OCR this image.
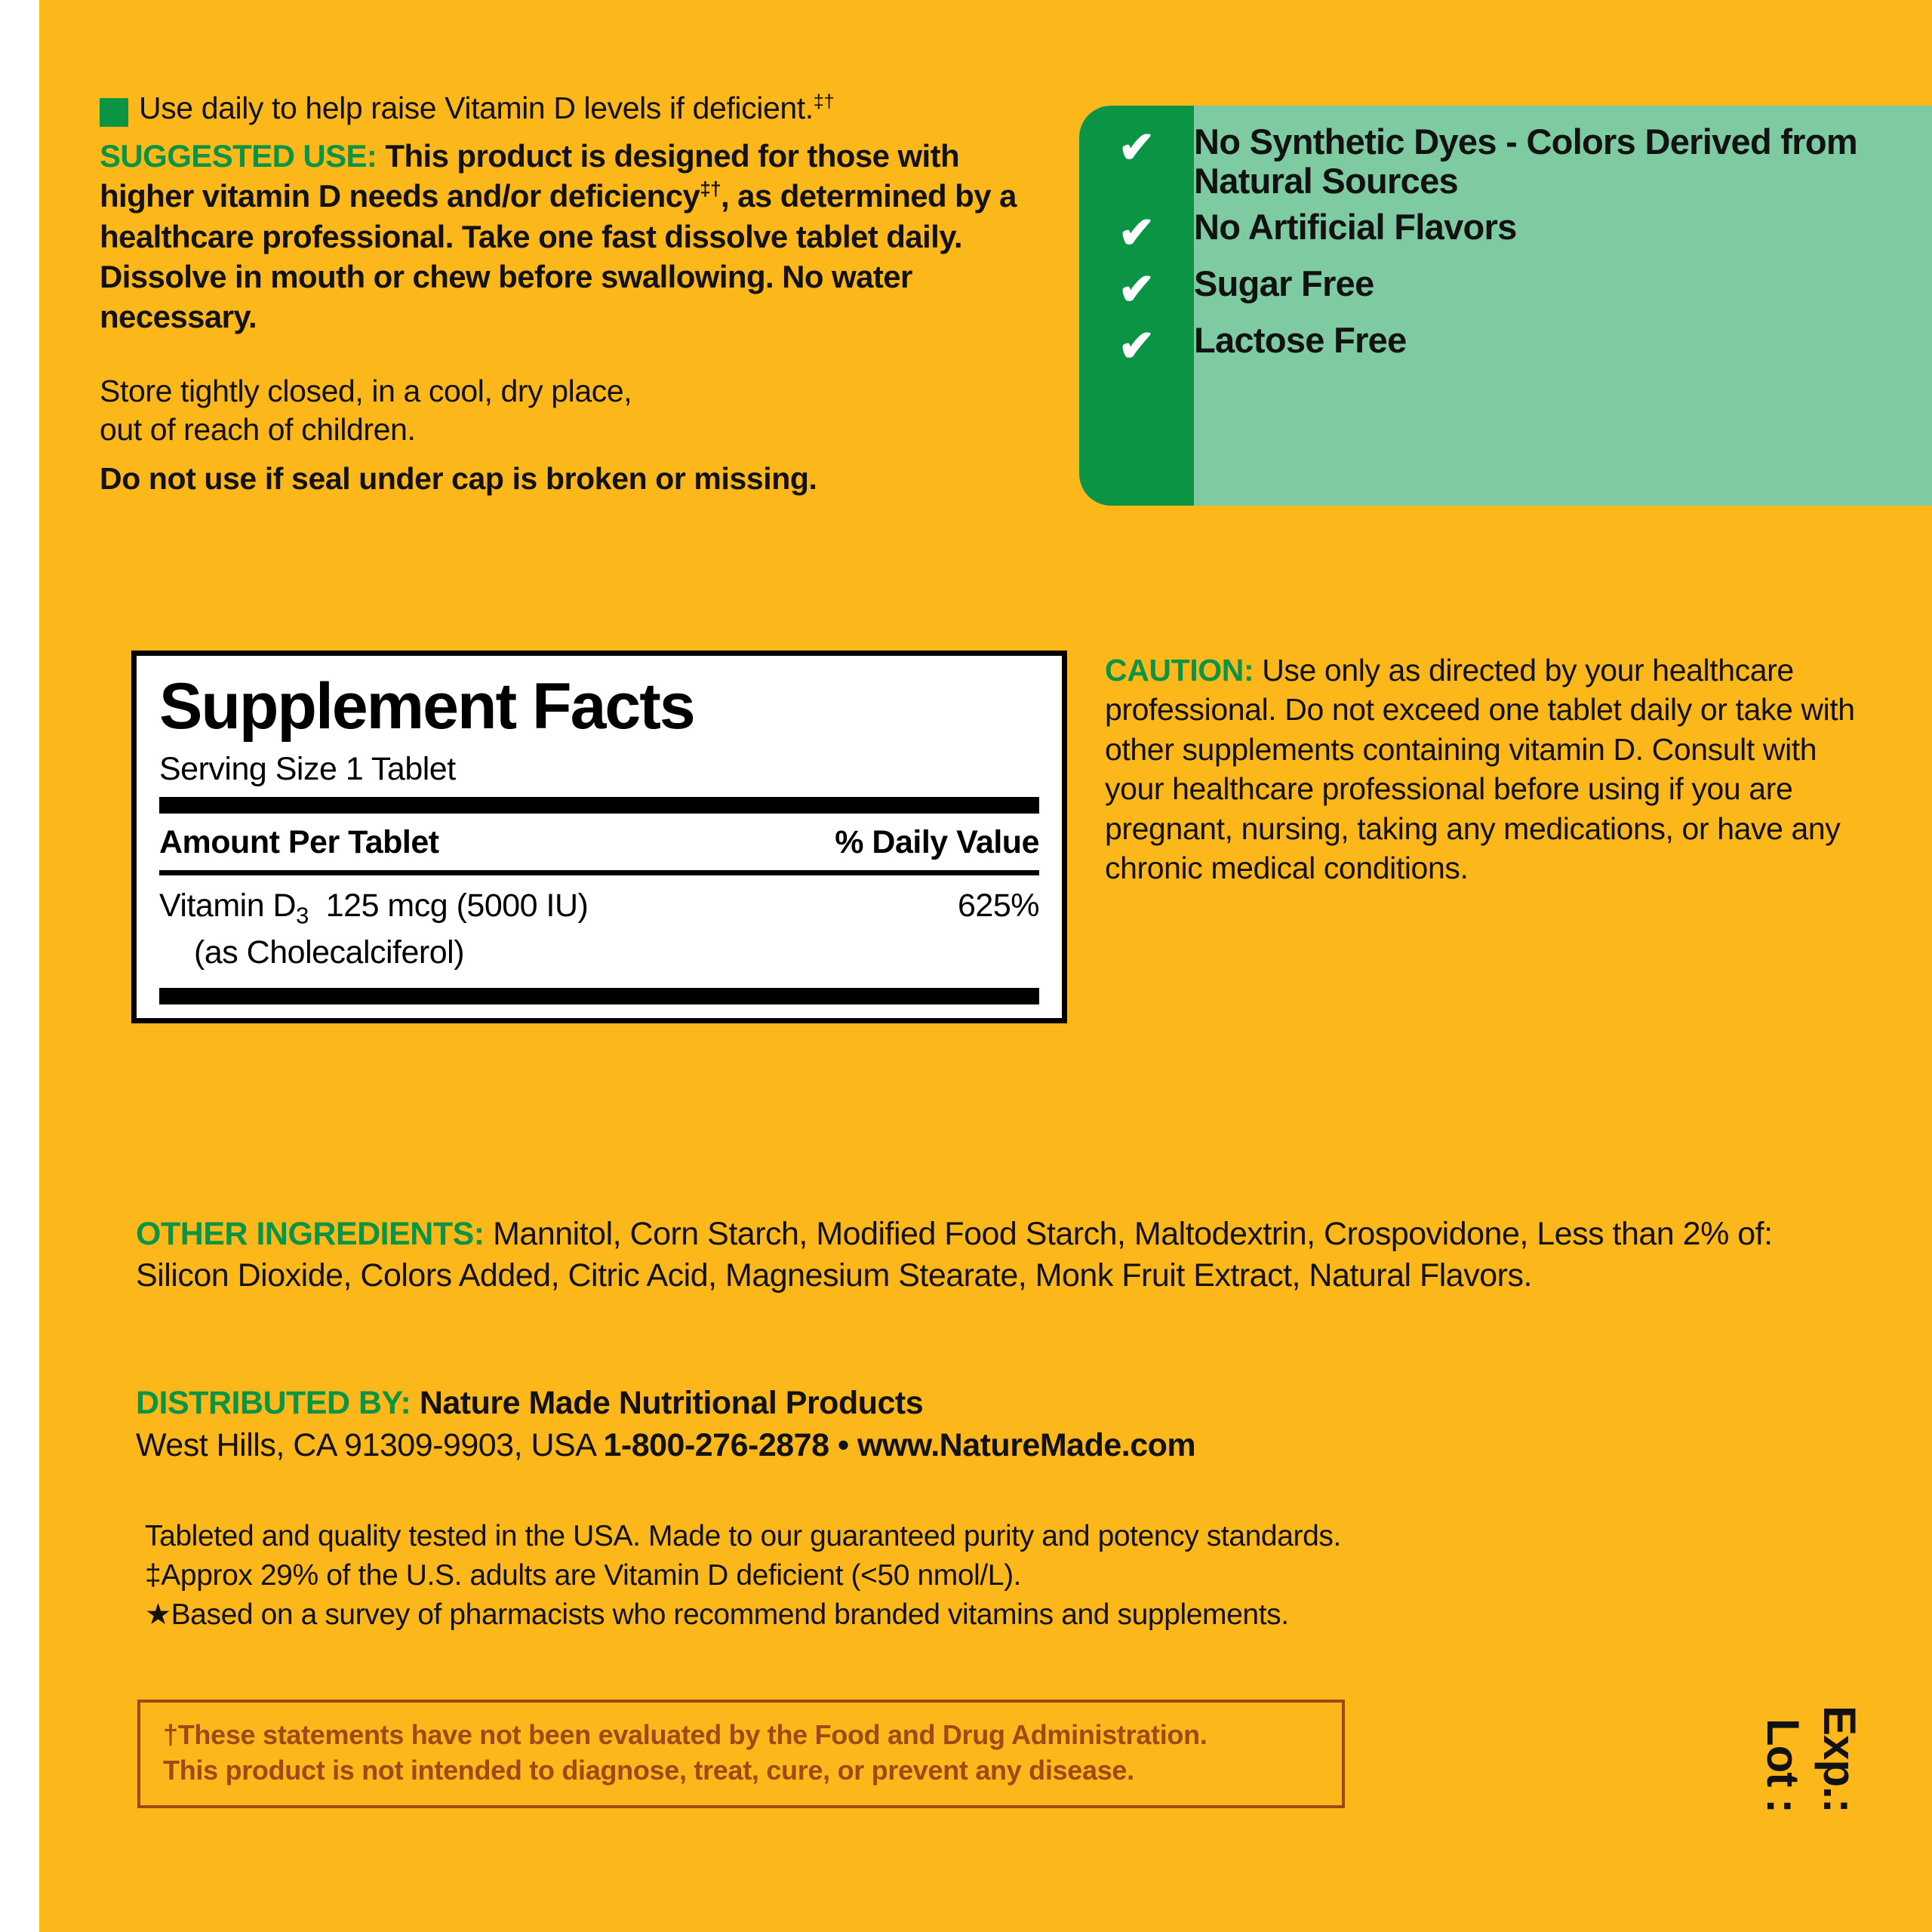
Use daily to help raise Vitamin D levels if deficient.‡†
SUGGESTED USE: This product is designed for those with higher vitamin D needs and/or deficiency‡†, as determined by a healthcare professional. Take one fast dissolve tablet daily. Dissolve in mouth or chew before swallowing. No water necessary.
Store tightly closed, in a cool, dry place,
out of reach of children.
Do not use if seal under cap is broken or missing.
Supplement Facts
Serving Size 1 Tablet
Amount Per Tablet	% Daily Value
Vitamin $D_3$ 125 mcg (5000 IU)	625%
(as Cholecalciferol)
✔	No Synthetic Dyes - Colors Derived from Natural Sources
✔	No Artificial Flavors
✔	Sugar Free
✔	Lactose Free
CAUTION: Use only as directed by your healthcare professional. Do not exceed one tablet daily or take with other supplements containing vitamin D. Consult with your healthcare professional before using if you are pregnant, nursing, taking any medications, or have any chronic medical conditions.
OTHER INGREDIENTS: Mannitol, Corn Starch, Modified Food Starch, Maltodextrin, Crospovidone, Less than 2% of: Silicon Dioxide, Colors Added, Citric Acid, Magnesium Stearate, Monk Fruit Extract, Natural Flavors.
DISTRIBUTED BY: Nature Made Nutritional Products
West Hills, CA 91309-9903, USA 1-800-276-2878 • www.NatureMade.com
Tableted and quality tested in the USA. Made to our guaranteed purity and potency standards.
‡Approx 29% of the U.S. adults are Vitamin D deficient (<50 nmol/L).
★Based on a survey of pharmacists who recommend branded vitamins and supplements.
†These statements have not been evaluated by the Food and Drug Administration.
This product is not intended to diagnose, treat, cure, or prevent any disease.	Lot : Exp.:
